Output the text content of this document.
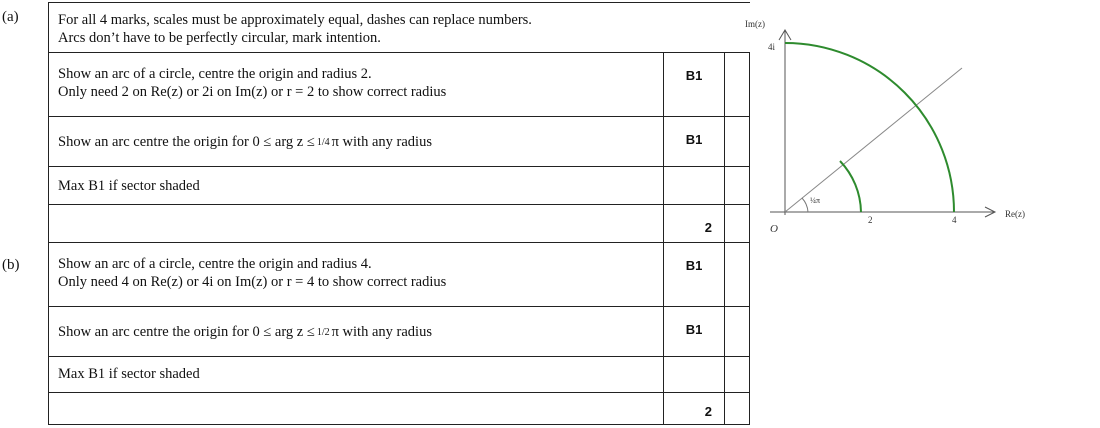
(a)
(b)
For all 4 marks, scales must be approximately equal, dashes can replace numbers.
Arcs don’t have to be perfectly circular, mark intention.		

Show an arc of a circle, centre the origin and radius 2.
Only need 2 on Re(z) or 2i on Im(z) or r = 2 to show correct radius	B1	

Show an arc centre the origin for 0 ≤ arg z ≤ 1/4 π with any radius	B1	

Max B1 if sector shaded		

	2	

Show an arc of a circle, centre the origin and radius 4.
Only need 4 on Re(z) or 4i on Im(z) or r = 4 to show correct radius	B1	

Show an arc centre the origin for 0 ≤ arg z ≤ 1/2 π with any radius	B1	

Max B1 if sector shaded		

	2	

Im(z)
Re(z)
O
4i
2	4
¼π
